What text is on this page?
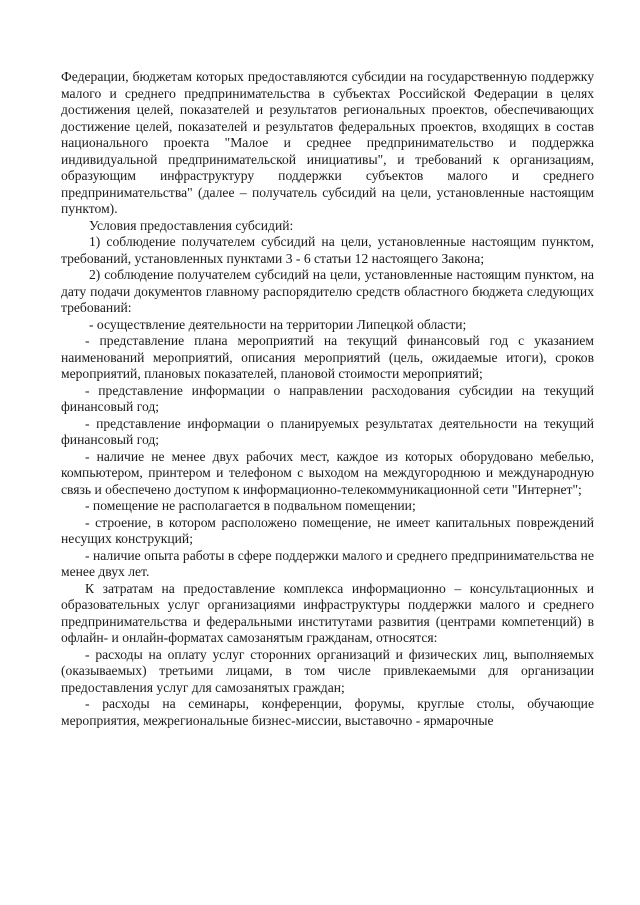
Федерации, бюджетам которых предоставляются субсидии на государственную поддержку малого и среднего предпринимательства в субъектах Российской Федерации в целях достижения целей, показателей и результатов региональных проектов, обеспечивающих достижение целей, показателей и результатов федеральных проектов, входящих в состав национального проекта "Малое и среднее предпринимательство и поддержка индивидуальной предпринимательской инициативы", и требований к организациям, образующим инфраструктуру поддержки субъектов малого и среднего предпринимательства" (далее – получатель субсидий на цели, установленные настоящим пунктом).

Условия предоставления субсидий:

1) соблюдение получателем субсидий на цели, установленные настоящим пунктом, требований, установленных пунктами 3 - 6 статьи 12 настоящего Закона;

2) соблюдение получателем субсидий на цели, установленные настоящим пунктом, на дату подачи документов главному распорядителю средств областного бюджета следующих требований:

- осуществление деятельности на территории Липецкой области;

- представление плана мероприятий на текущий финансовый год с указанием наименований мероприятий, описания мероприятий (цель, ожидаемые итоги), сроков мероприятий, плановых показателей, плановой стоимости мероприятий;

- представление информации о направлении расходования субсидии на текущий финансовый год;

- представление информации о планируемых результатах деятельности на текущий финансовый год;

- наличие не менее двух рабочих мест, каждое из которых оборудовано мебелью, компьютером, принтером и телефоном с выходом на междугороднюю и международную связь и обеспечено доступом к информационно-телекоммуникационной сети "Интернет";

- помещение не располагается в подвальном помещении;

- строение, в котором расположено помещение, не имеет капитальных повреждений несущих конструкций;

- наличие опыта работы в сфере поддержки малого и среднего предпринимательства не менее двух лет.

К затратам на предоставление комплекса информационно – консультационных и образовательных услуг организациями инфраструктуры поддержки малого и среднего предпринимательства и федеральными институтами развития (центрами компетенций) в офлайн- и онлайн-форматах самозанятым гражданам, относятся:

- расходы на оплату услуг сторонних организаций и физических лиц, выполняемых (оказываемых) третьими лицами, в том числе привлекаемыми для организации предоставления услуг для самозанятых граждан;

- расходы на семинары, конференции, форумы, круглые столы, обучающие мероприятия, межрегиональные бизнес-миссии, выставочно - ярмарочные
